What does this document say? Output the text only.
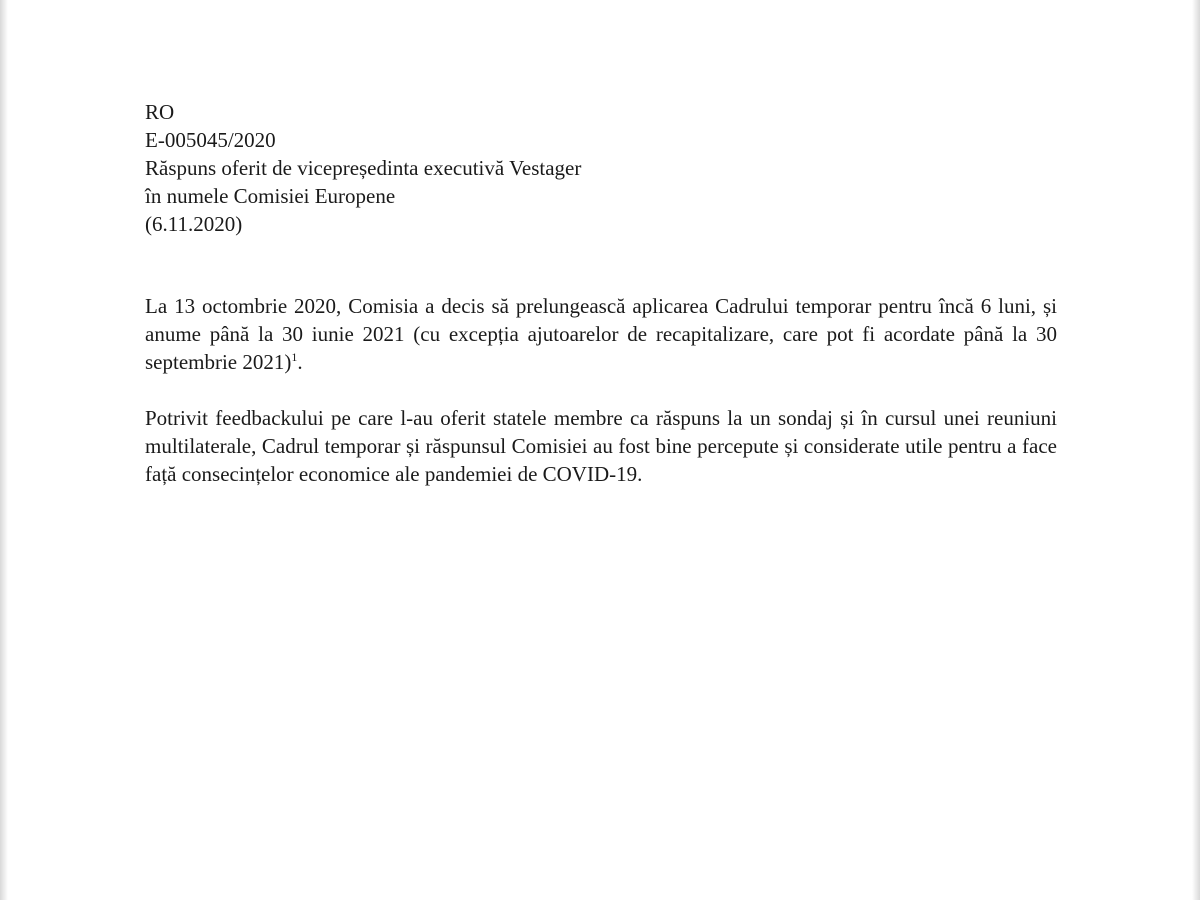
RO
E-005045/2020
Răspuns oferit de vicepreședinta executivă Vestager
în numele Comisiei Europene
(6.11.2020)

La 13 octombrie 2020, Comisia a decis să prelungească aplicarea Cadrului temporar pentru încă 6 luni, și anume până la 30 iunie 2021 (cu excepția ajutoarelor de recapitalizare, care pot fi acordate până la 30 septembrie 2021)$^1$.

Potrivit feedbackului pe care l-au oferit statele membre ca răspuns la un sondaj și în cursul unei reuniuni multilaterale, Cadrul temporar și răspunsul Comisiei au fost bine percepute și considerate utile pentru a face față consecințelor economice ale pandemiei de COVID-19.
